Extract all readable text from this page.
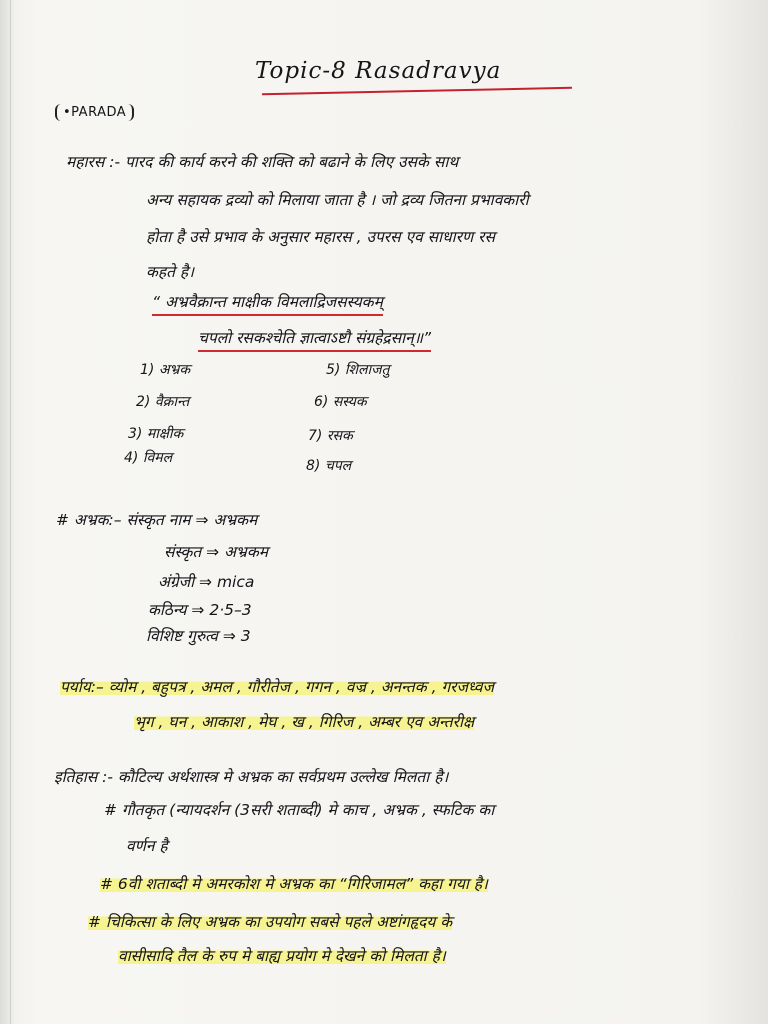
Topic-8 Rasadravya
•PARADA
महारस :- पारद की कार्य करने की शक्ति को बढाने के लिए उसके साथ
अन्य सहायक द्रव्यो को मिलाया जाता है । जो द्रव्य जितना प्रभावकारी
होता है उसे प्रभाव के अनुसार महारस , उपरस एव साधारण रस
कहते है।
“ अभ्रवैक्रान्त माक्षीक विमलाद्रिजसस्यकम्
चपलो रसकश्चेति ज्ञात्वाऽष्टौ संग्रहेद्रसान्॥”
1) अभ्रक
2) वैक्रान्त
3) माक्षीक
4) विमल
5) शिलाजतु
6) सस्यक
7) रसक
8) चपल
# अभ्रक:– संस्कृत नाम ⇒ अभ्रकम
संस्कृत ⇒ अभ्रकम
अंग्रेजी ⇒ mica
कठिन्य ⇒ 2·5–3
विशिष्ट गुरुत्व ⇒ 3
पर्याय:– व्योम , बहुपत्र , अमल , गौरीतेज , गगन , वज्र , अनन्तक , गरजध्वज
भृग , घन , आकाश , मेघ , ख , गिरिज , अम्बर एव अन्तरीक्ष
इतिहास :- कौटिल्य अर्थशास्त्र मे अभ्रक का सर्वप्रथम उल्लेख मिलता है।
# गौतकृत (न्यायदर्शन (3सरी शताब्दी) मे काच , अभ्रक , स्फटिक का
वर्णन है
# 6वी शताब्दी मे अमरकोश मे अभ्रक का “गिरिजामल” कहा गया है।
# चिकित्सा के लिए अभ्रक का उपयोग सबसे पहले अष्टांगहृदय के
वासीसादि तैल के रुप मे बाह्य प्रयोग मे देखने को मिलता है।
